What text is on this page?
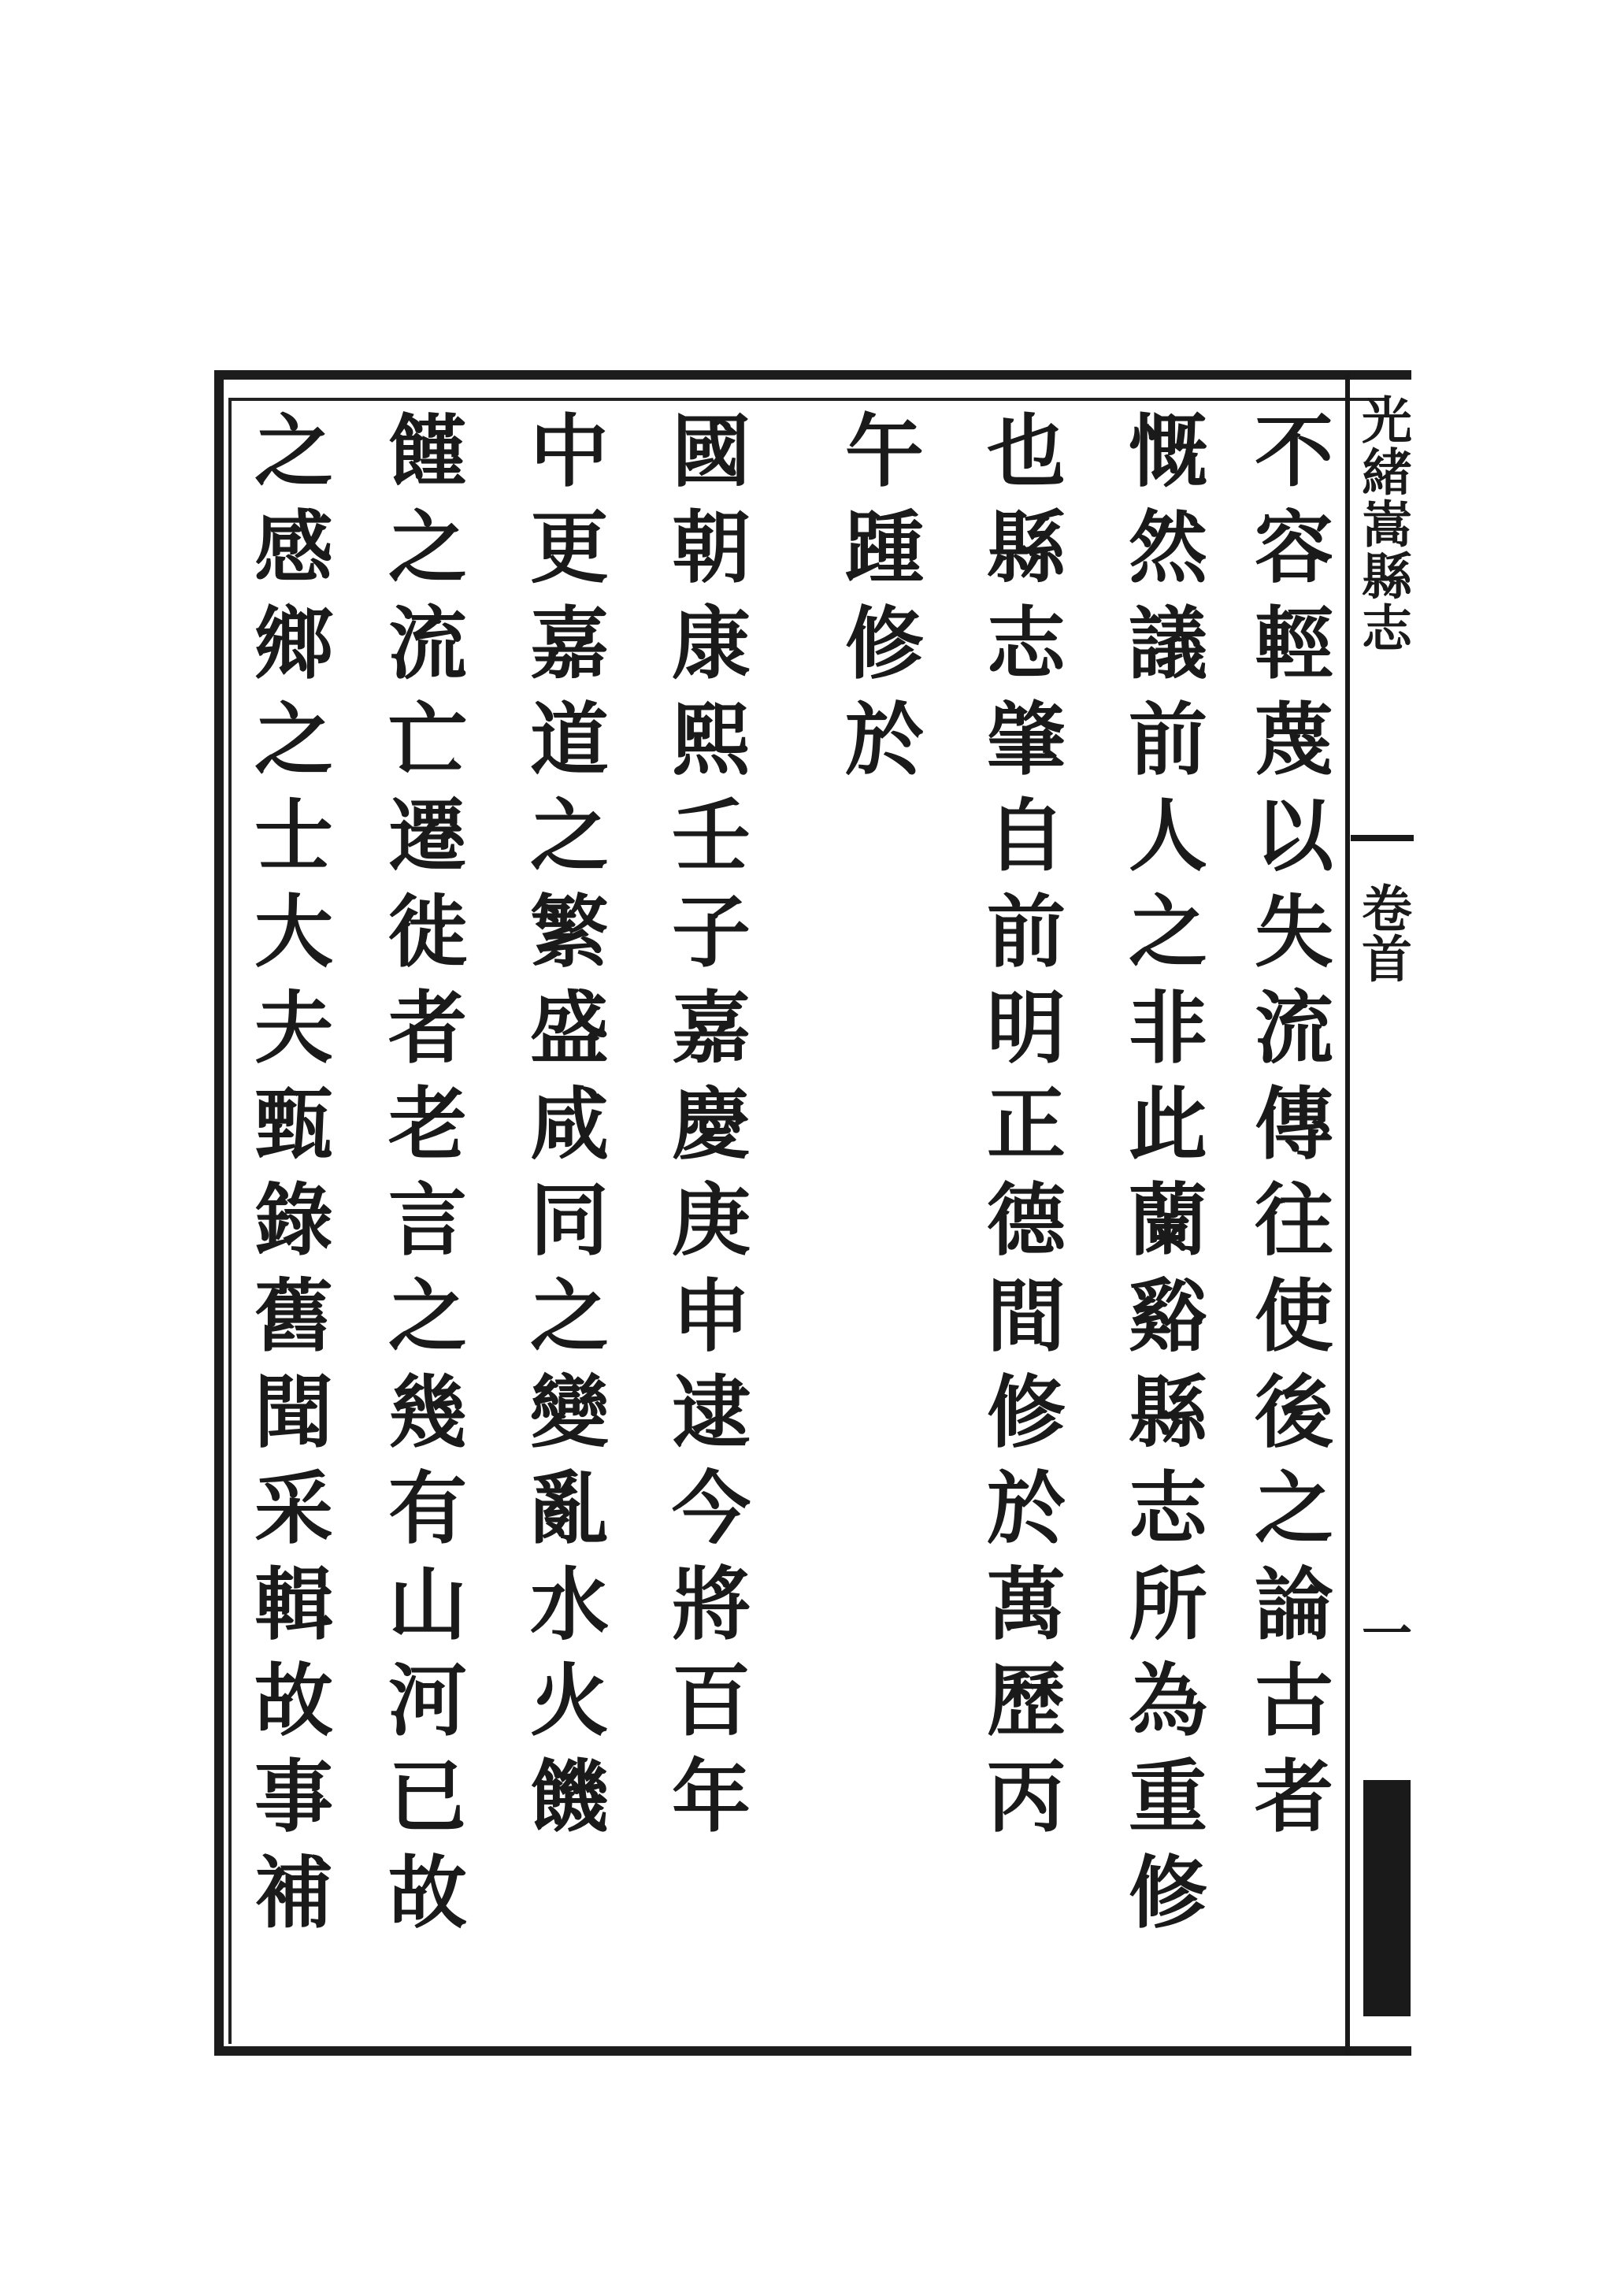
光緒嵩縣志
卷首
一
不容輕蔑以失流傳往使後之論古者
慨然議前人之非此蘭谿縣志所為重修
也縣志肇自前明正德間修於萬歷丙
午踵修於
國朝康熙壬子嘉慶庚申逮今將百年
中更嘉道之繁盛咸同之變亂水火饑
饉之流亡遷徙者老言之幾有山河已故
之感鄉之士大夫甄錄舊聞采輯故事補
